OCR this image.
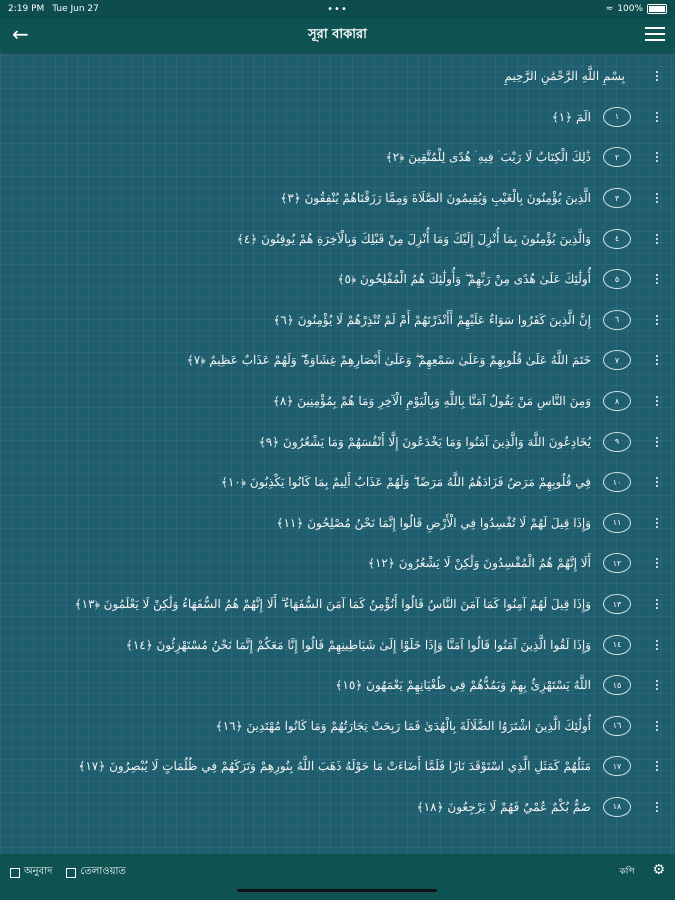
2:19 PM Tue Jun 27	•••	≈ 100%
←	সূরা বাকারা
بِسْمِ اللَّهِ الرَّحْمَٰنِ الرَّحِيمِ
الٓمٓ ﴿١﴾	١
ذَٰلِكَ الْكِتَابُ لَا رَيْبَ ۛ فِيهِ ۛ هُدًى لِلْمُتَّقِينَ ﴿٢﴾	٢
الَّذِينَ يُؤْمِنُونَ بِالْغَيْبِ وَيُقِيمُونَ الصَّلَاةَ وَمِمَّا رَزَقْنَاهُمْ يُنْفِقُونَ ﴿٣﴾	٣
وَالَّذِينَ يُؤْمِنُونَ بِمَا أُنْزِلَ إِلَيْكَ وَمَا أُنْزِلَ مِنْ قَبْلِكَ وَبِالْآخِرَةِ هُمْ يُوقِنُونَ ﴿٤﴾	٤
أُولَٰئِكَ عَلَىٰ هُدًى مِنْ رَبِّهِمْ ۖ وَأُولَٰئِكَ هُمُ الْمُفْلِحُونَ ﴿٥﴾	٥
إِنَّ الَّذِينَ كَفَرُوا سَوَاءٌ عَلَيْهِمْ أَأَنْذَرْتَهُمْ أَمْ لَمْ تُنْذِرْهُمْ لَا يُؤْمِنُونَ ﴿٦﴾	٦
خَتَمَ اللَّهُ عَلَىٰ قُلُوبِهِمْ وَعَلَىٰ سَمْعِهِمْ ۖ وَعَلَىٰ أَبْصَارِهِمْ غِشَاوَةٌ ۖ وَلَهُمْ عَذَابٌ عَظِيمٌ ﴿٧﴾	٧
وَمِنَ النَّاسِ مَنْ يَقُولُ آمَنَّا بِاللَّهِ وَبِالْيَوْمِ الْآخِرِ وَمَا هُمْ بِمُؤْمِنِينَ ﴿٨﴾	٨
يُخَادِعُونَ اللَّهَ وَالَّذِينَ آمَنُوا وَمَا يَخْدَعُونَ إِلَّا أَنْفُسَهُمْ وَمَا يَشْعُرُونَ ﴿٩﴾	٩
فِي قُلُوبِهِمْ مَرَضٌ فَزَادَهُمُ اللَّهُ مَرَضًا ۖ وَلَهُمْ عَذَابٌ أَلِيمٌ بِمَا كَانُوا يَكْذِبُونَ ﴿١٠﴾	١٠
وَإِذَا قِيلَ لَهُمْ لَا تُفْسِدُوا فِي الْأَرْضِ قَالُوا إِنَّمَا نَحْنُ مُصْلِحُونَ ﴿١١﴾	١١
أَلَا إِنَّهُمْ هُمُ الْمُفْسِدُونَ وَلَٰكِنْ لَا يَشْعُرُونَ ﴿١٢﴾	١٢
وَإِذَا قِيلَ لَهُمْ آمِنُوا كَمَا آمَنَ النَّاسُ قَالُوا أَنُؤْمِنُ كَمَا آمَنَ السُّفَهَاءُ ۗ أَلَا إِنَّهُمْ هُمُ السُّفَهَاءُ وَلَٰكِنْ لَا يَعْلَمُونَ ﴿١٣﴾	١٣
وَإِذَا لَقُوا الَّذِينَ آمَنُوا قَالُوا آمَنَّا وَإِذَا خَلَوْا إِلَىٰ شَيَاطِينِهِمْ قَالُوا إِنَّا مَعَكُمْ إِنَّمَا نَحْنُ مُسْتَهْزِئُونَ ﴿١٤﴾	١٤
اللَّهُ يَسْتَهْزِئُ بِهِمْ وَيَمُدُّهُمْ فِي طُغْيَانِهِمْ يَعْمَهُونَ ﴿١٥﴾	١٥
أُولَٰئِكَ الَّذِينَ اشْتَرَوُا الضَّلَالَةَ بِالْهُدَىٰ فَمَا رَبِحَتْ تِجَارَتُهُمْ وَمَا كَانُوا مُهْتَدِينَ ﴿١٦﴾	١٦
مَثَلُهُمْ كَمَثَلِ الَّذِي اسْتَوْقَدَ نَارًا فَلَمَّا أَضَاءَتْ مَا حَوْلَهُ ذَهَبَ اللَّهُ بِنُورِهِمْ وَتَرَكَهُمْ فِي ظُلُمَاتٍ لَا يُبْصِرُونَ ﴿١٧﴾	١٧
صُمٌّ بُكْمٌ عُمْيٌ فَهُمْ لَا يَرْجِعُونَ ﴿١٨﴾	١٨
অনুবাদ	তেলাওয়াত	কপি ⚙
